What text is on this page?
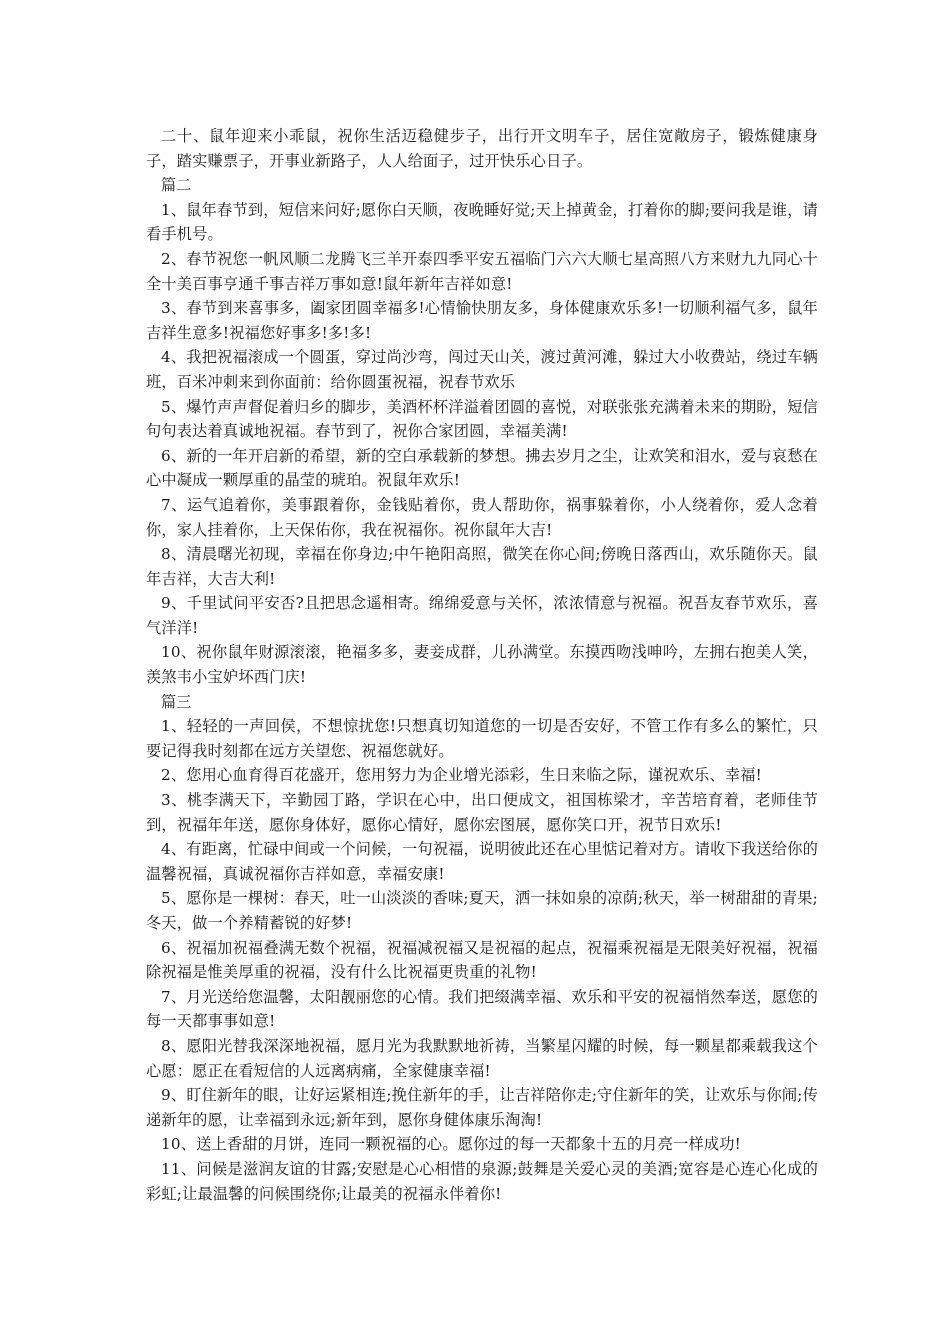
二十、鼠年迎来小乖鼠，祝你生活迈稳健步子，出行开文明车子，居住宽敞房子，锻炼健康身子，踏实赚票子，开事业新路子，人人给面子，过开快乐心日子。

篇二

1、鼠年春节到，短信来问好;愿你白天顺，夜晚睡好觉;天上掉黄金，打着你的脚;要问我是谁，请看手机号。

2、春节祝您一帆风顺二龙腾飞三羊开泰四季平安五福临门六六大顺七星高照八方来财九九同心十全十美百事亨通千事吉祥万事如意!鼠年新年吉祥如意!

3、春节到来喜事多，阖家团圆幸福多!心情愉快朋友多，身体健康欢乐多!一切顺利福气多，鼠年吉祥生意多!祝福您好事多!多!多!

4、我把祝福滚成一个圆蛋，穿过尚沙弯，闯过天山关，渡过黄河滩，躲过大小收费站，绕过车辆班，百米冲刺来到你面前：给你圆蛋祝福，祝春节欢乐

5、爆竹声声督促着归乡的脚步，美酒杯杯洋溢着团圆的喜悦，对联张张充满着未来的期盼，短信句句表达着真诚地祝福。春节到了，祝你合家团圆，幸福美满!

6、新的一年开启新的希望，新的空白承载新的梦想。拂去岁月之尘，让欢笑和泪水，爱与哀愁在心中凝成一颗厚重的晶莹的琥珀。祝鼠年欢乐!

7、运气追着你，美事跟着你，金钱贴着你，贵人帮助你，祸事躲着你，小人绕着你，爱人念着你，家人挂着你，上天保佑你，我在祝福你。祝你鼠年大吉!

8、清晨曙光初现，幸福在你身边;中午艳阳高照，微笑在你心间;傍晚日落西山，欢乐随你天。鼠年吉祥，大吉大利!

9、千里试问平安否?且把思念遥相寄。绵绵爱意与关怀，浓浓情意与祝福。祝吾友春节欢乐，喜气洋洋!

10、祝你鼠年财源滚滚，艳福多多，妻妾成群，儿孙满堂。东摸西吻浅呻吟，左拥右抱美人笑，羡煞韦小宝妒坏西门庆!

篇三

1、轻轻的一声回侯，不想惊扰您!只想真切知道您的一切是否安好，不管工作有多么的繁忙，只要记得我时刻都在远方关望您、祝福您就好。

2、您用心血育得百花盛开，您用努力为企业增光添彩，生日来临之际，谨祝欢乐、幸福!

3、桃李满天下，辛勤园丁路，学识在心中，出口便成文，祖国栋梁才，辛苦培育着，老师佳节到，祝福年年送，愿你身体好，愿你心情好，愿你宏图展，愿你笑口开，祝节日欢乐!

4、有距离，忙碌中间或一个问候，一句祝福，说明彼此还在心里惦记着对方。请收下我送给你的温馨祝福，真诚祝福你吉祥如意，幸福安康!

5、愿你是一棵树：春天，吐一山淡淡的香味;夏天，洒一抹如泉的凉荫;秋天，举一树甜甜的青果;冬天，做一个养精蓄锐的好梦!

6、祝福加祝福叠满无数个祝福，祝福减祝福又是祝福的起点，祝福乘祝福是无限美好祝福，祝福除祝福是惟美厚重的祝福，没有什么比祝福更贵重的礼物!

7、月光送给您温馨，太阳靓丽您的心情。我们把缀满幸福、欢乐和平安的祝福悄然奉送，愿您的每一天都事事如意!

8、愿阳光替我深深地祝福，愿月光为我默默地祈祷，当繁星闪耀的时候，每一颗星都乘载我这个心愿：愿正在看短信的人远离病痛，全家健康幸福!

9、盯住新年的眼，让好运紧相连;挽住新年的手，让吉祥陪你走;守住新年的笑，让欢乐与你闹;传递新年的愿，让幸福到永远;新年到，愿你身健体康乐淘淘!

10、送上香甜的月饼，连同一颗祝福的心。愿你过的每一天都象十五的月亮一样成功!

11、问候是滋润友谊的甘露;安慰是心心相惜的泉源;鼓舞是关爱心灵的美酒;宽容是心连心化成的彩虹;让最温馨的问候围绕你;让最美的祝福永伴着你!
